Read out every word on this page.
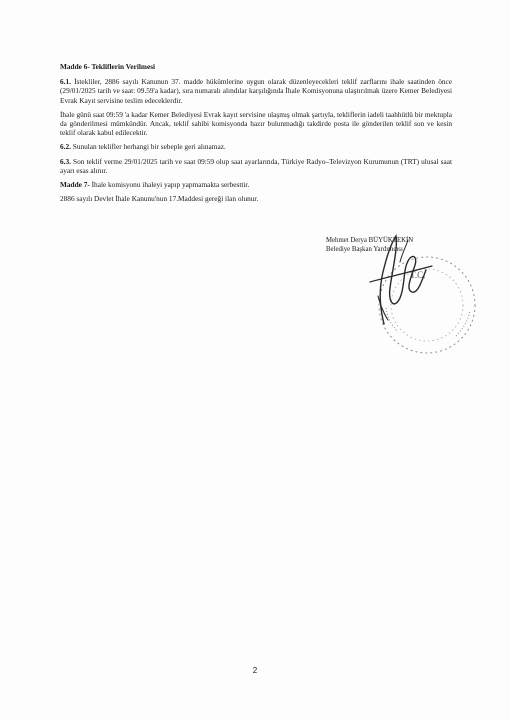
Madde 6- Tekliflerin Verilmesi

6.1. İstekliler, 2886 sayılı Kanunun 37. madde hükümlerine uygun olarak düzenleyecekleri teklif zarflarını ihale saatinden önce (29/01/2025 tarih ve saat: 09.59'a kadar), sıra numaralı alındılar karşılığında İhale Komisyonuna ulaştırılmak üzere Kemer Belediyesi Evrak Kayıt servisine teslim edeceklerdir.

İhale günü saat 09:59 'a kadar Kemer Belediyesi Evrak kayıt servisine ulaşmış olmak şartıyla, tekliflerin iadeli taahhütlü bir mektupla da gönderilmesi mümkündür. Ancak, teklif sahibi komisyonda hazır bulunmadığı takdirde posta ile gönderilen teklif son ve kesin teklif olarak kabul edilecektir.

6.2. Sunulan teklifler herhangi bir sebeple geri alınamaz.

6.3. Son teklif verme 29/01/2025 tarih ve saat 09:59 olup saat ayarlarında, Türkiye Radyo–Televizyon Kurumunun (TRT) ulusal saat ayarı esas alınır.

Madde 7- İhale komisyonu ihaleyi yapıp yapmamakta serbesttir.

2886 sayılı Devlet İhale Kanunu'nun 17.Maddesi gereği ilan olunur.

Mehmet Derya BÜYÜKTEKİN
Belediye Başkan Yardımcısı
T.C.
2
